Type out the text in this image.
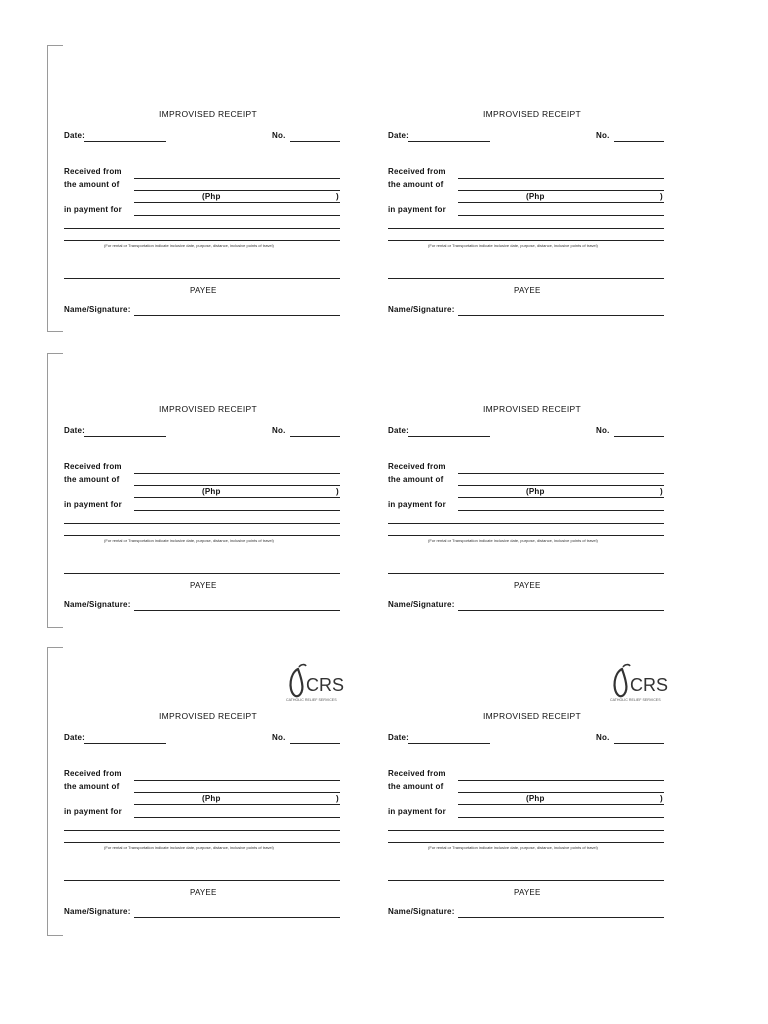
IMPROVISED RECEIPT
Date:	No.
Received from
the amount of
(Php	)
in payment for
(For rental or Transportation indicate inclusive date, purpose, distance, inclusive points of travel)
PAYEE
Name/Signature:
IMPROVISED RECEIPT
Date:	No.
Received from
the amount of
(Php	)
in payment for
(For rental or Transportation indicate inclusive date, purpose, distance, inclusive points of travel)
PAYEE
Name/Signature:
IMPROVISED RECEIPT
Date:	No.
Received from
the amount of
(Php	)
in payment for
(For rental or Transportation indicate inclusive date, purpose, distance, inclusive points of travel)
PAYEE
Name/Signature:
IMPROVISED RECEIPT
Date:	No.
Received from
the amount of
(Php	)
in payment for
(For rental or Transportation indicate inclusive date, purpose, distance, inclusive points of travel)
PAYEE
Name/Signature:
CRS
CATHOLIC RELIEF SERVICES
IMPROVISED RECEIPT
Date:	No.
Received from
the amount of
(Php	)
in payment for
(For rental or Transportation indicate inclusive date, purpose, distance, inclusive points of travel)
PAYEE
Name/Signature:
CRS
CATHOLIC RELIEF SERVICES
IMPROVISED RECEIPT
Date:	No.
Received from
the amount of
(Php	)
in payment for
(For rental or Transportation indicate inclusive date, purpose, distance, inclusive points of travel)
PAYEE
Name/Signature:
